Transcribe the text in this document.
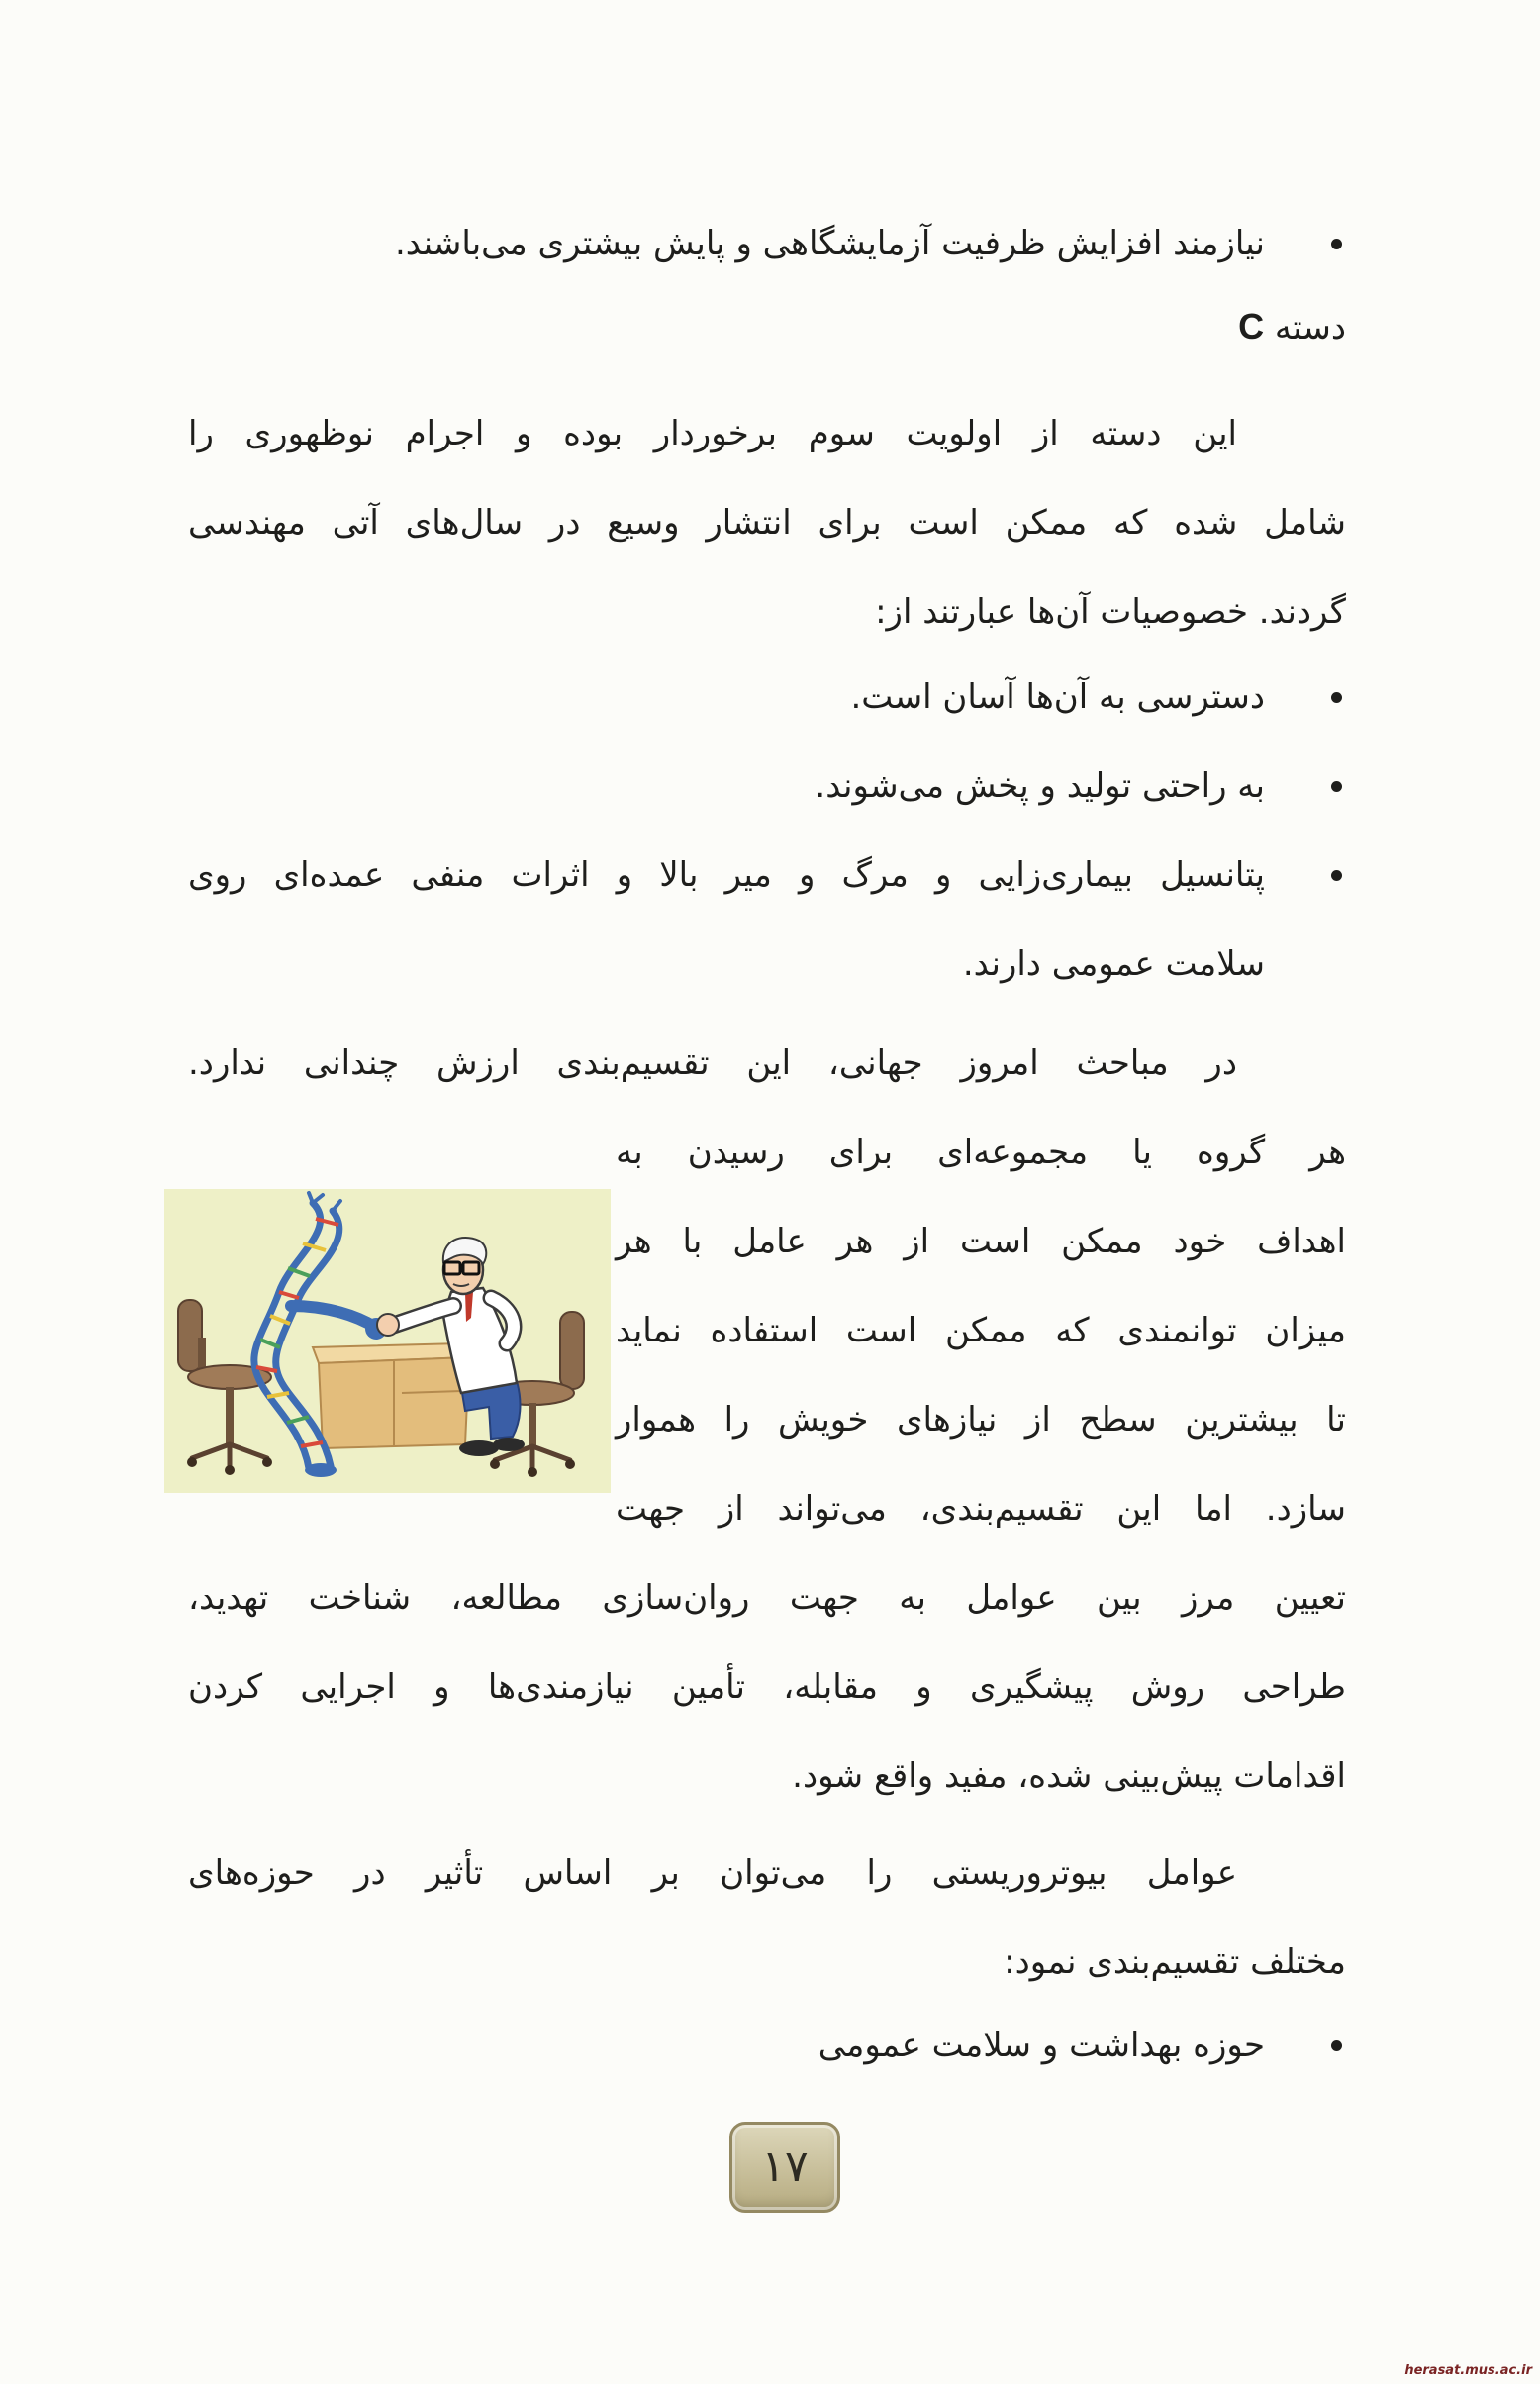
نیازمند افزایش ظرفیت آزمایشگاهی و پایش بیشتری می‌باشند.
دسته C
این دسته از اولویت سوم برخوردار بوده و اجرام نوظهوری را
شامل شده که ممکن است برای انتشار وسیع در سال‌های آتی مهندسی
گردند. خصوصیات آن‌ها عبارتند از:
دسترسی به آن‌ها آسان است.
به راحتی تولید و پخش می‌شوند.
پتانسیل بیماری‌زایی و مرگ و میر بالا و اثرات منفی عمده‌ای روی
سلامت عمومی دارند.
در مباحث امروز جهانی، این تقسیم‌بندی ارزش چندانی ندارد.
هر گروه یا مجموعه‌ای برای رسیدن به
اهداف خود ممکن است از هر عامل با هر
میزان توانمندی که ممکن است استفاده نماید
تا بیشترین سطح از نیازهای خویش را هموار
سازد. اما این تقسیم‌بندی، می‌تواند از جهت
تعیین مرز بین عوامل به جهت روان‌سازی مطالعه، شناخت تهدید،
طراحی روش پیشگیری و مقابله، تأمین نیازمندی‌ها و اجرایی کردن
اقدامات پیش‌بینی شده، مفید واقع شود.
عوامل بیوتروریستی را می‌توان بر اساس تأثیر در حوزه‌های
مختلف تقسیم‌بندی نمود:
حوزه بهداشت و سلامت عمومی
۱۷
herasat.mus.ac.ir
